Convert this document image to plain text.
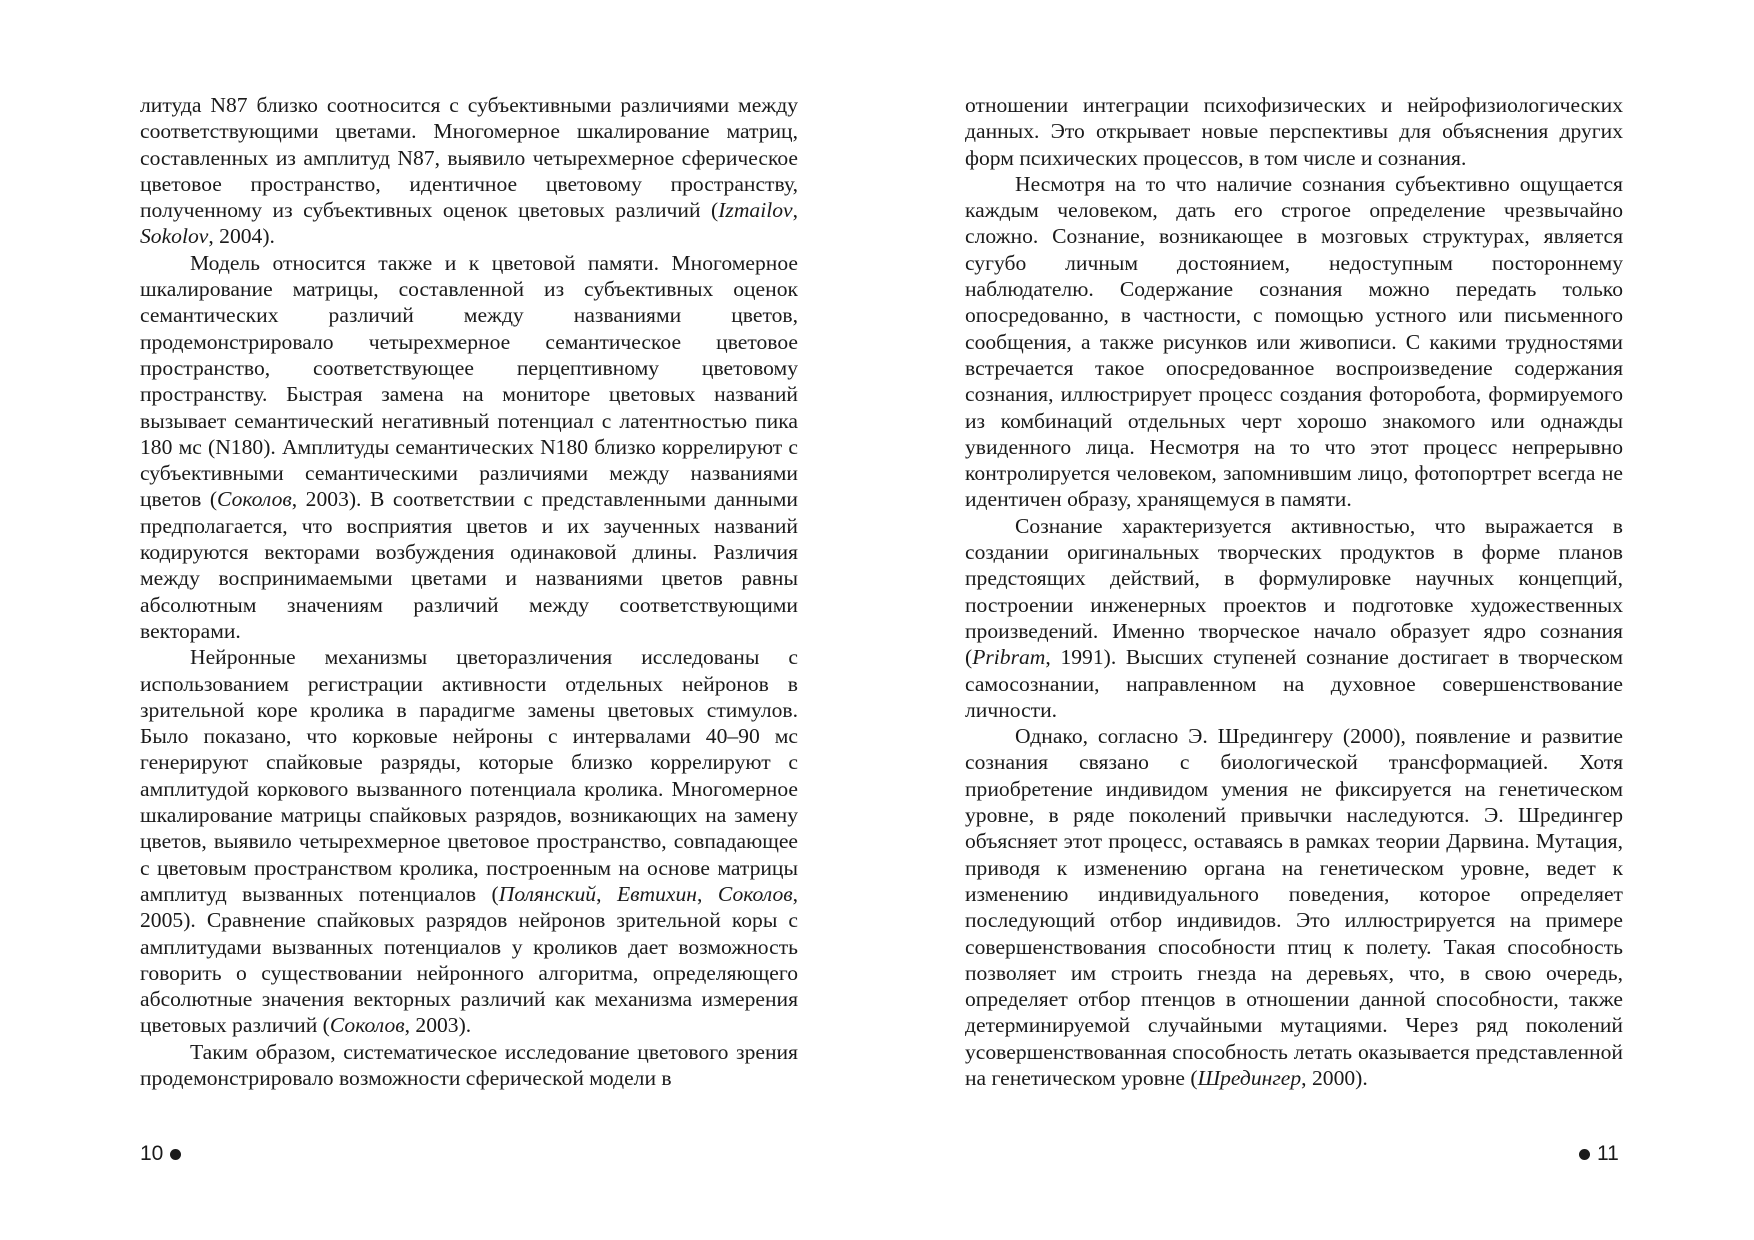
литуда N87 близко соотносится с субъективными различиями между соответствующими цветами. Многомерное шкалирование матриц, составленных из амплитуд N87, выявило четырехмерное сферическое цветовое пространство, идентичное цветовому пространству, полученному из субъективных оценок цветовых различий (Izmailov, Sokolov, 2004).

Модель относится также и к цветовой памяти. Многомерное шкалирование матрицы, составленной из субъективных оценок семантических различий между названиями цветов, продемонстрировало четырехмерное семантическое цветовое пространство, соответствующее перцептивному цветовому пространству. Быстрая замена на мониторе цветовых названий вызывает семантический негативный потенциал с латентностью пика 180 мс (N180). Амплитуды семантических N180 близко коррелируют с субъективными семантическими различиями между названиями цветов (Соколов, 2003). В соответствии с представленными данными предполагается, что восприятия цветов и их заученных названий кодируются векторами возбуждения одинаковой длины. Различия между воспринимаемыми цветами и названиями цветов равны абсолютным значениям различий между соответствующими векторами.

Нейронные механизмы цветоразличения исследованы с использованием регистрации активности отдельных нейронов в зрительной коре кролика в парадигме замены цветовых стимулов. Было показано, что корковые нейроны с интервалами 40–90 мс генерируют спайковые разряды, которые близко коррелируют с амплитудой коркового вызванного потенциала кролика. Многомерное шкалирование матрицы спайковых разрядов, возникающих на замену цветов, выявило четырехмерное цветовое пространство, совпадающее с цветовым пространством кролика, построенным на основе матрицы амплитуд вызванных потенциалов (Полянский, Евтихин, Соколов, 2005). Сравнение спайковых разрядов нейронов зрительной коры с амплитудами вызванных потенциалов у кроликов дает возможность говорить о существовании нейронного алгоритма, определяющего абсолютные значения векторных различий как механизма измерения цветовых различий (Соколов, 2003).

Таким образом, систематическое исследование цветового зрения продемонстрировало возможности сферической модели в

10

отношении интеграции психофизических и нейрофизиологических данных. Это открывает новые перспективы для объяснения других форм психических процессов, в том числе и сознания.

Несмотря на то что наличие сознания субъективно ощущается каждым человеком, дать его строгое определение чрезвычайно сложно. Сознание, возникающее в мозговых структурах, является сугубо личным достоянием, недоступным постороннему наблюдателю. Содержание сознания можно передать только опосредованно, в частности, с помощью устного или письменного сообщения, а также рисунков или живописи. С какими трудностями встречается такое опосредованное воспроизведение содержания сознания, иллюстрирует процесс создания фоторобота, формируемого из комбинаций отдельных черт хорошо знакомого или однажды увиденного лица. Несмотря на то что этот процесс непрерывно контролируется человеком, запомнившим лицо, фотопортрет всегда не идентичен образу, хранящемуся в памяти.

Сознание характеризуется активностью, что выражается в создании оригинальных творческих продуктов в форме планов предстоящих действий, в формулировке научных концепций, построении инженерных проектов и подготовке художественных произведений. Именно творческое начало образует ядро сознания (Pribram, 1991). Высших ступеней сознание достигает в творческом самосознании, направленном на духовное совершенствование личности.

Однако, согласно Э. Шредингеру (2000), появление и развитие сознания связано с биологической трансформацией. Хотя приобретение индивидом умения не фиксируется на генетическом уровне, в ряде поколений привычки наследуются. Э. Шредингер объясняет этот процесс, оставаясь в рамках теории Дарвина. Мутация, приводя к изменению органа на генетическом уровне, ведет к изменению индивидуального поведения, которое определяет последующий отбор индивидов. Это иллюстрируется на примере совершенствования способности птиц к полету. Такая способность позволяет им строить гнезда на деревьях, что, в свою очередь, определяет отбор птенцов в отношении данной способности, также детерминируемой случайными мутациями. Через ряд поколений усовершенствованная способность летать оказывается представленной на генетическом уровне (Шредингер, 2000).

11
